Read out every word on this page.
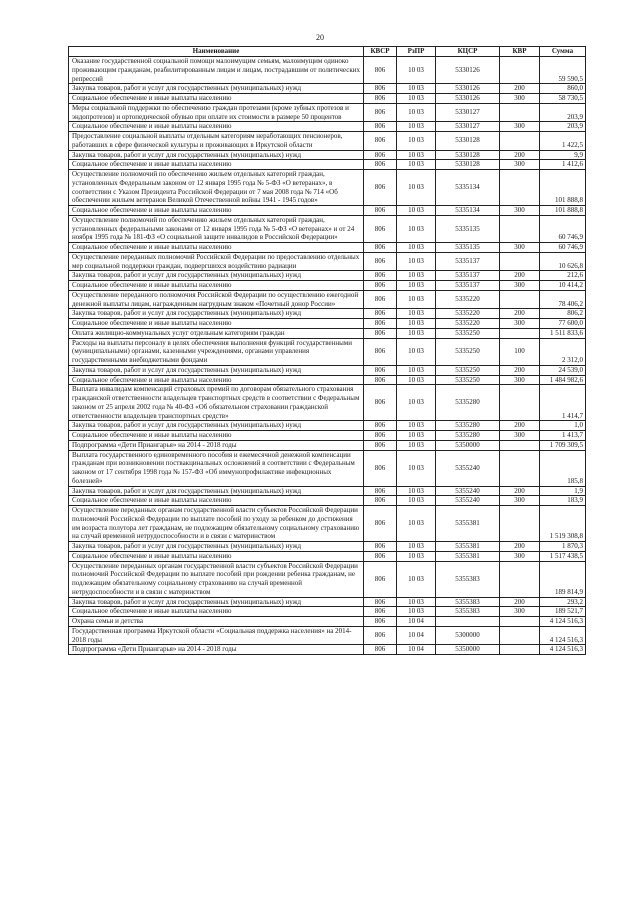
20
Наименование	КВСР	РзПР	КЦСР	КВР	Сумма
Оказание государственной социальной помощи малоимущим семьям, малоимущим одиноко проживающим гражданам, реабилитированным лицам и лицам, пострадавшим от политических репрессий	806	10 03	5330126		59 590,5
Закупка товаров, работ и услуг для государственных (муниципальных) нужд	806	10 03	5330126	200	860,0
Социальное обеспечение и иные выплаты населению	806	10 03	5330126	300	58 730,5
Меры социальной поддержки по обеспечению граждан протезами (кроме зубных протезов и эндопротезов) и ортопедической обувью при оплате их стоимости в размере 50 процентов	806	10 03	5330127		203,9
Социальное обеспечение и иные выплаты населению	806	10 03	5330127	300	203,9
Предоставление социальной выплаты отдельным категориям неработающих пенсионеров, работавших в сфере физической культуры и проживающих в Иркутской области	806	10 03	5330128		1 422,5
Закупка товаров, работ и услуг для государственных (муниципальных) нужд	806	10 03	5330128	200	9,9
Социальное обеспечение и иные выплаты населению	806	10 03	5330128	300	1 412,6
Осуществление полномочий по обеспечению жильем отдельных категорий граждан, установленных Федеральным законом от 12 января 1995 года № 5-ФЗ «О ветеранах», в соответствии с Указом Президента Российской Федерации от 7 мая 2008 года № 714 «Об обеспечении жильем ветеранов Великой Отечественной войны 1941 - 1945 годов»	806	10 03	5335134		101 888,8
Социальное обеспечение и иные выплаты населению	806	10 03	5335134	300	101 888,8
Осуществление полномочий по обеспечению жильем отдельных категорий граждан, установленных федеральными законами от 12 января 1995 года № 5-ФЗ «О ветеранах» и от 24 ноября 1995 года № 181-ФЗ «О социальной защите инвалидов в Российской Федерации»	806	10 03	5335135		60 746,9
Социальное обеспечение и иные выплаты населению	806	10 03	5335135	300	60 746,9
Осуществление переданных полномочий Российской Федерации по предоставлению отдельных мер социальной поддержки граждан, подвергшихся воздействию радиации	806	10 03	5335137		10 626,8
Закупка товаров, работ и услуг для государственных (муниципальных) нужд	806	10 03	5335137	200	212,6
Социальное обеспечение и иные выплаты населению	806	10 03	5335137	300	10 414,2
Осуществление переданного полномочия Российской Федерации по осуществлению ежегодной денежной выплаты лицам, награжденным нагрудным знаком «Почетный донор России»	806	10 03	5335220		78 406,2
Закупка товаров, работ и услуг для государственных (муниципальных) нужд	806	10 03	5335220	200	806,2
Социальное обеспечение и иные выплаты населению	806	10 03	5335220	300	77 600,0
Оплата жилищно-коммунальных услуг отдельным категориям граждан	806	10 03	5335250		1 511 833,6
Расходы на выплаты персоналу в целях обеспечения выполнения функций государственными (муниципальными) органами, казенными учреждениями, органами управления государственными внебюджетными фондами	806	10 03	5335250	100	2 312,0
Закупка товаров, работ и услуг для государственных (муниципальных) нужд	806	10 03	5335250	200	24 539,0
Социальное обеспечение и иные выплаты населению	806	10 03	5335250	300	1 484 982,6
Выплата инвалидам компенсаций страховых премий по договорам обязательного страхования гражданской ответственности владельцев транспортных средств в соответствии с Федеральным законом от 25 апреля 2002 года № 40-ФЗ «Об обязательном страховании гражданской ответственности владельцев транспортных средств»	806	10 03	5335280		1 414,7
Закупка товаров, работ и услуг для государственных (муниципальных) нужд	806	10 03	5335280	200	1,0
Социальное обеспечение и иные выплаты населению	806	10 03	5335280	300	1 413,7
Подпрограмма «Дети Приангарья» на 2014 - 2018 годы	806	10 03	5350000		1 709 309,5
Выплата государственного единовременного пособия и ежемесячной денежной компенсации гражданам при возникновении поствакцинальных осложнений в соответствии с Федеральным законом от 17 сентября 1998 года № 157-ФЗ «Об иммунопрофилактике инфекционных болезней»	806	10 03	5355240		185,8
Закупка товаров, работ и услуг для государственных (муниципальных) нужд	806	10 03	5355240	200	1,9
Социальное обеспечение и иные выплаты населению	806	10 03	5355240	300	183,9
Осуществление переданных органам государственной власти субъектов Российской Федерации полномочий Российской Федерации по выплате пособий по уходу за ребенком до достижения им возраста полутора лет гражданам, не подлежащим обязательному социальному страхованию на случай временной нетрудоспособности и в связи с материнством	806	10 03	5355381		1 519 308,8
Закупка товаров, работ и услуг для государственных (муниципальных) нужд	806	10 03	5355381	200	1 870,3
Социальное обеспечение и иные выплаты населению	806	10 03	5355381	300	1 517 438,5
Осуществление переданных органам государственной власти субъектов Российской Федерации полномочий Российской Федерации по выплате пособий при рождении ребенка гражданам, не подлежащим обязательному социальному страхованию на случай временной нетрудоспособности и в связи с материнством	806	10 03	5355383		189 814,9
Закупка товаров, работ и услуг для государственных (муниципальных) нужд	806	10 03	5355383	200	293,2
Социальное обеспечение и иные выплаты населению	806	10 03	5355383	300	189 521,7
Охрана семьи и детства	806	10 04			4 124 516,3
Государственная программа Иркутской области «Социальная поддержка населения» на 2014-2018 годы	806	10 04	5300000		4 124 516,3
Подпрограмма «Дети Приангарья» на 2014 - 2018 годы	806	10 04	5350000		4 124 516,3
